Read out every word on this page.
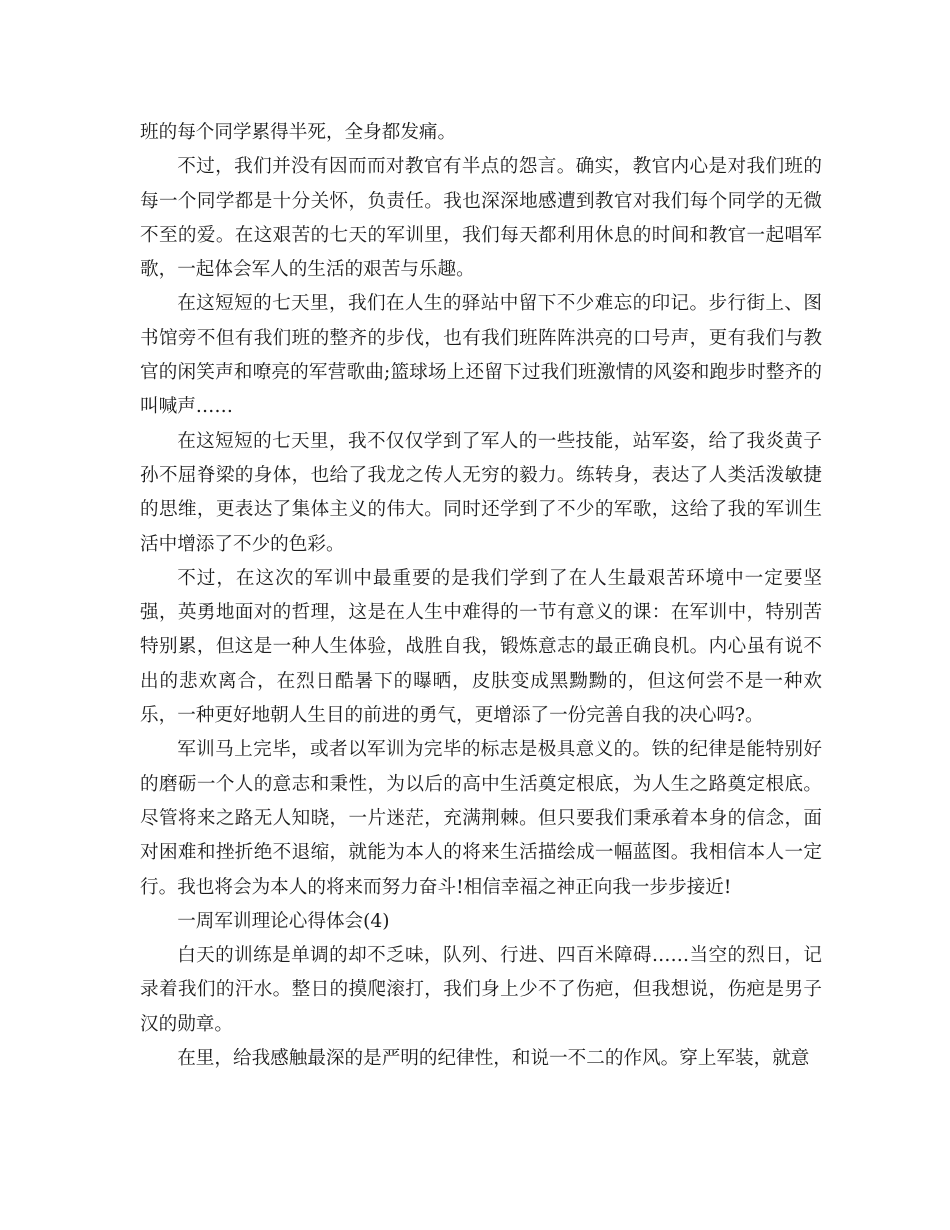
班的每个同学累得半死，全身都发痛。

不过，我们并没有因而而对教官有半点的怨言。确实，教官内心是对我们班的每一个同学都是十分关怀，负责任。我也深深地感遭到教官对我们每个同学的无微不至的爱。在这艰苦的七天的军训里，我们每天都利用休息的时间和教官一起唱军歌，一起体会军人的生活的艰苦与乐趣。

在这短短的七天里，我们在人生的驿站中留下不少难忘的印记。步行街上、图书馆旁不但有我们班的整齐的步伐，也有我们班阵阵洪亮的口号声，更有我们与教官的闲笑声和嘹亮的军营歌曲;篮球场上还留下过我们班激情的风姿和跑步时整齐的叫喊声……

在这短短的七天里，我不仅仅学到了军人的一些技能，站军姿，给了我炎黄子孙不屈脊梁的身体，也给了我龙之传人无穷的毅力。练转身，表达了人类活泼敏捷的思维，更表达了集体主义的伟大。同时还学到了不少的军歌，这给了我的军训生活中增添了不少的色彩。

不过，在这次的军训中最重要的是我们学到了在人生最艰苦环境中一定要坚强，英勇地面对的哲理，这是在人生中难得的一节有意义的课：在军训中，特别苦特别累，但这是一种人生体验，战胜自我，锻炼意志的最正确良机。内心虽有说不出的悲欢离合，在烈日酷暑下的曝晒，皮肤变成黑黝黝的，但这何尝不是一种欢乐，一种更好地朝人生目的前进的勇气，更增添了一份完善自我的决心吗?。

军训马上完毕，或者以军训为完毕的标志是极具意义的。铁的纪律是能特别好的磨砺一个人的意志和秉性，为以后的高中生活奠定根底，为人生之路奠定根底。尽管将来之路无人知晓，一片迷茫，充满荆棘。但只要我们秉承着本身的信念，面对困难和挫折绝不退缩，就能为本人的将来生活描绘成一幅蓝图。我相信本人一定行。我也将会为本人的将来而努力奋斗!相信幸福之神正向我一步步接近!

一周军训理论心得体会(4)

白天的训练是单调的却不乏味，队列、行进、四百米障碍……当空的烈日，记录着我们的汗水。整日的摸爬滚打，我们身上少不了伤疤，但我想说，伤疤是男子汉的勋章。

在里，给我感触最深的是严明的纪律性，和说一不二的作风。穿上军装，就意
